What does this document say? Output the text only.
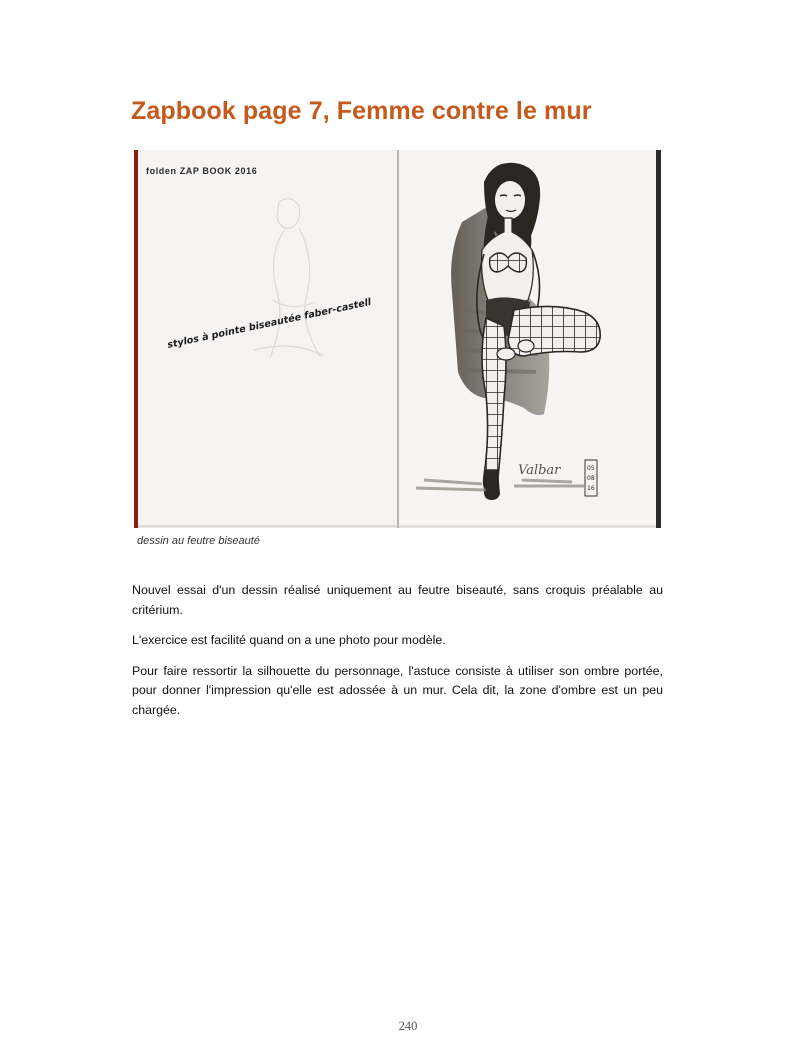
Zapbook page 7, Femme contre le mur
folden ZAP BOOK 2016
stylos à pointe biseautée faber-castell
Valbar	05
08
16

dessin au feutre biseauté

Nouvel essai d'un dessin réalisé uniquement au feutre biseauté, sans croquis préalable au critérium.

L'exercice est facilité quand on a une photo pour modèle.

Pour faire ressortir la silhouette du personnage, l'astuce consiste à utiliser son ombre portée, pour donner l'impression qu'elle est adossée à un mur. Cela dit, la zone d'ombre est un peu chargée.

240
